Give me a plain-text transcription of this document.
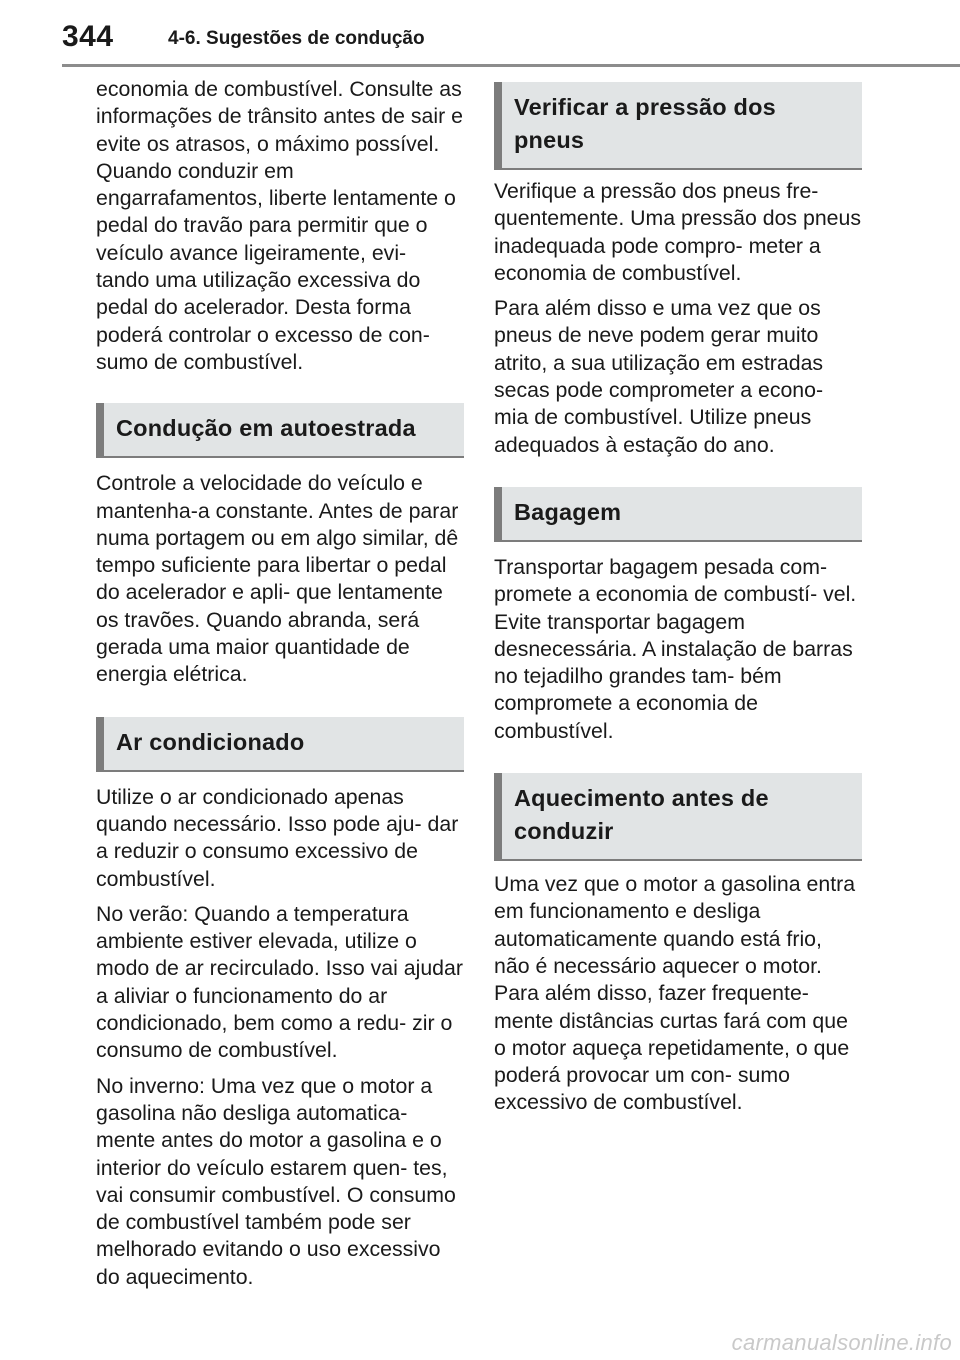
344	4-6. Sugestões de condução

economia de combustível. Consulte as informações de trânsito antes de sair e evite os atrasos, o máximo possível. Quando conduzir em engarrafamentos, liberte lentamente o pedal do travão para permitir que o veículo avance ligeiramente, evi- tando uma utilização excessiva do pedal do acelerador. Desta forma poderá controlar o excesso de con- sumo de combustível.

Condução em autoestrada

Controle a velocidade do veículo e mantenha-a constante. Antes de parar numa portagem ou em algo similar, dê tempo suficiente para libertar o pedal do acelerador e apli- que lentamente os travões. Quando abranda, será gerada uma maior quantidade de energia elétrica.

Ar condicionado

Utilize o ar condicionado apenas quando necessário. Isso pode aju- dar a reduzir o consumo excessivo de combustível.

No verão: Quando a temperatura ambiente estiver elevada, utilize o modo de ar recirculado. Isso vai ajudar a aliviar o funcionamento do ar condicionado, bem como a redu- zir o consumo de combustível.

No inverno: Uma vez que o motor a gasolina não desliga automatica- mente antes do motor a gasolina e o interior do veículo estarem quen- tes, vai consumir combustível. O consumo de combustível também pode ser melhorado evitando o uso excessivo do aquecimento.

Verificar a pressão dos pneus

Verifique a pressão dos pneus fre- quentemente. Uma pressão dos pneus inadequada pode compro- meter a economia de combustível.

Para além disso e uma vez que os pneus de neve podem gerar muito atrito, a sua utilização em estradas secas pode comprometer a econo- mia de combustível. Utilize pneus adequados à estação do ano.

Bagagem

Transportar bagagem pesada com- promete a economia de combustí- vel. Evite transportar bagagem desnecessária. A instalação de barras no tejadilho grandes tam- bém compromete a economia de combustível.

Aquecimento antes de conduzir

Uma vez que o motor a gasolina entra em funcionamento e desliga automaticamente quando está frio, não é necessário aquecer o motor. Para além disso, fazer frequente- mente distâncias curtas fará com que o motor aqueça repetidamente, o que poderá provocar um con- sumo excessivo de combustível.

carmanualsonline.info
